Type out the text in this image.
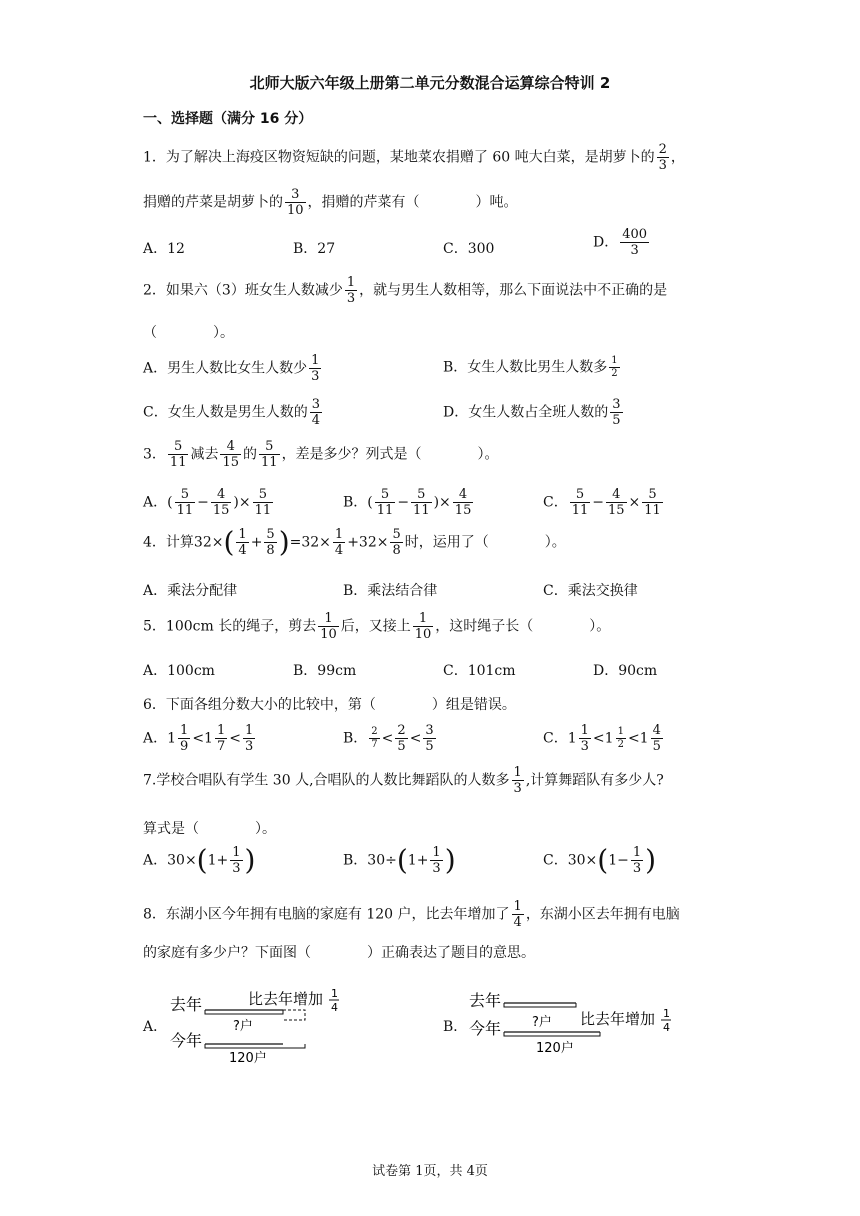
北师大版六年级上册第二单元分数混合运算综合特训 2
一、选择题（满分 16 分）
1．为了解决上海疫区物资短缺的问题，某地菜农捐赠了 60 吨大白菜，是胡萝卜的 $\frac{2}{3}$ ，
捐赠的芹菜是胡萝卜的 $\frac{3}{10}$ ，捐赠的芹菜有（　　　　）吨。
A．12	B．27	C．300	D． $\frac{400}{3}$
2．如果六（3）班女生人数减少 $\frac{1}{3}$ ，就与男生人数相等，那么下面说法中不正确的是
（　　　　）。
A．男生人数比女生人数少 $\frac{1}{3}$	B．女生人数比男生人数多 $\frac{1}{2}$
C．女生人数是男生人数的 $\frac{3}{4}$	D．女生人数占全班人数的 $\frac{3}{5}$
3． $\frac{5}{11}$ 减去 $\frac{4}{15}$ 的 $\frac{5}{11}$ ，差是多少？列式是（　　　　）。
A．( $\frac{5}{11} - \frac{4}{15}$ )× $\frac{5}{11}$	B．( $\frac{5}{11} - \frac{5}{11}$ )× $\frac{4}{15}$	C． $\frac{5}{11} - \frac{4}{15} \times \frac{5}{11}$
4．计算$32\times( \frac{1}{4} + \frac{5}{8} )=32\times \frac{1}{4} +32\times \frac{5}{8}$ 时，运用了（　　　　）。
A．乘法分配律	B．乘法结合律	C．乘法交换律
5．100cm 长的绳子，剪去 $\frac{1}{10}$ 后，又接上 $\frac{1}{10}$ ，这时绳子长（　　　　）。
A．100cm	B．99cm	C．101cm	D．90cm
6．下面各组分数大小的比较中，第（　　　　）组是错误。
A．$1 \frac{1}{9} <1 \frac{1}{7} < \frac{1}{3}$	B． $\frac{2}{7} < \frac{2}{5} < \frac{3}{5}$	C．$1 \frac{1}{3} <1 \frac{1}{2} <1 \frac{4}{5}$
7.学校合唱队有学生 30 人,合唱队的人数比舞蹈队的人数多 $\frac{1}{3}$ ,计算舞蹈队有多少人?
算式是（　　　　）。
A．$30\times(1+ \frac{1}{3}$ )	B．$30\div(1+ \frac{1}{3}$ )	C．$30\times(1- \frac{1}{3}$ )
8．东湖小区今年拥有电脑的家庭有 120 户，比去年增加了 $\frac{1}{4}$ ，东湖小区去年拥有电脑
的家庭有多少户？下面图（　　　　）正确表达了题目的意思。
A．
去年	比去年增加 1
4
?户
今年
120户
B．
去年
?户
今年	比去年增加 1
4
120户
试卷第 1页，共 4页
